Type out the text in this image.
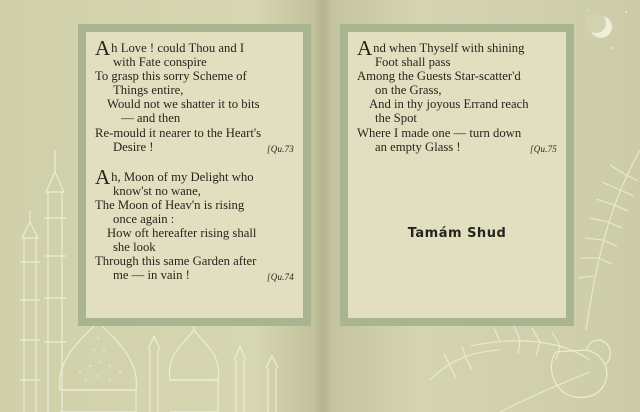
Ah Love ! could Thou and I
with Fate conspire
To grasp this sorry Scheme of
Things entire,
Would not we shatter it to bits
— and then
Re-mould it nearer to the Heart's
Desire !	[ Qu.73
Ah, Moon of my Delight who
know'st no wane,
The Moon of Heav'n is rising
once again :
How oft hereafter rising shall
she look
Through this same Garden after
me — in vain !	[ Qu.74
And when Thyself with shining
Foot shall pass
Among the Guests Star-scatter'd
on the Grass,
And in thy joyous Errand reach
the Spot
Where I made one — turn down
an empty Glass !	[ Qu.75
Tamám Shud
